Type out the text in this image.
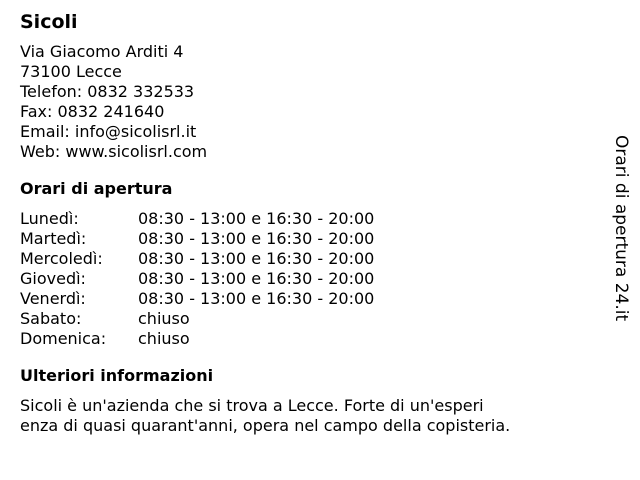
Sicoli
Via Giacomo Arditi 4
73100 Lecce
Telefon: 0832 332533
Fax: 0832 241640
Email: info@sicolisrl.it
Web: www.sicolisrl.com
Orari di apertura
Lunedì:	08:30 - 13:00 e 16:30 - 20:00
Martedì:	08:30 - 13:00 e 16:30 - 20:00
Mercoledì:	08:30 - 13:00 e 16:30 - 20:00
Giovedì:	08:30 - 13:00 e 16:30 - 20:00
Venerdì:	08:30 - 13:00 e 16:30 - 20:00
Sabato:	chiuso
Domenica:	chiuso
Ulteriori informazioni
Sicoli è un'azienda che si trova a Lecce. Forte di un'esperi
enza di quasi quarant'anni, opera nel campo della copisteria.
Orari di apertura 24.it
